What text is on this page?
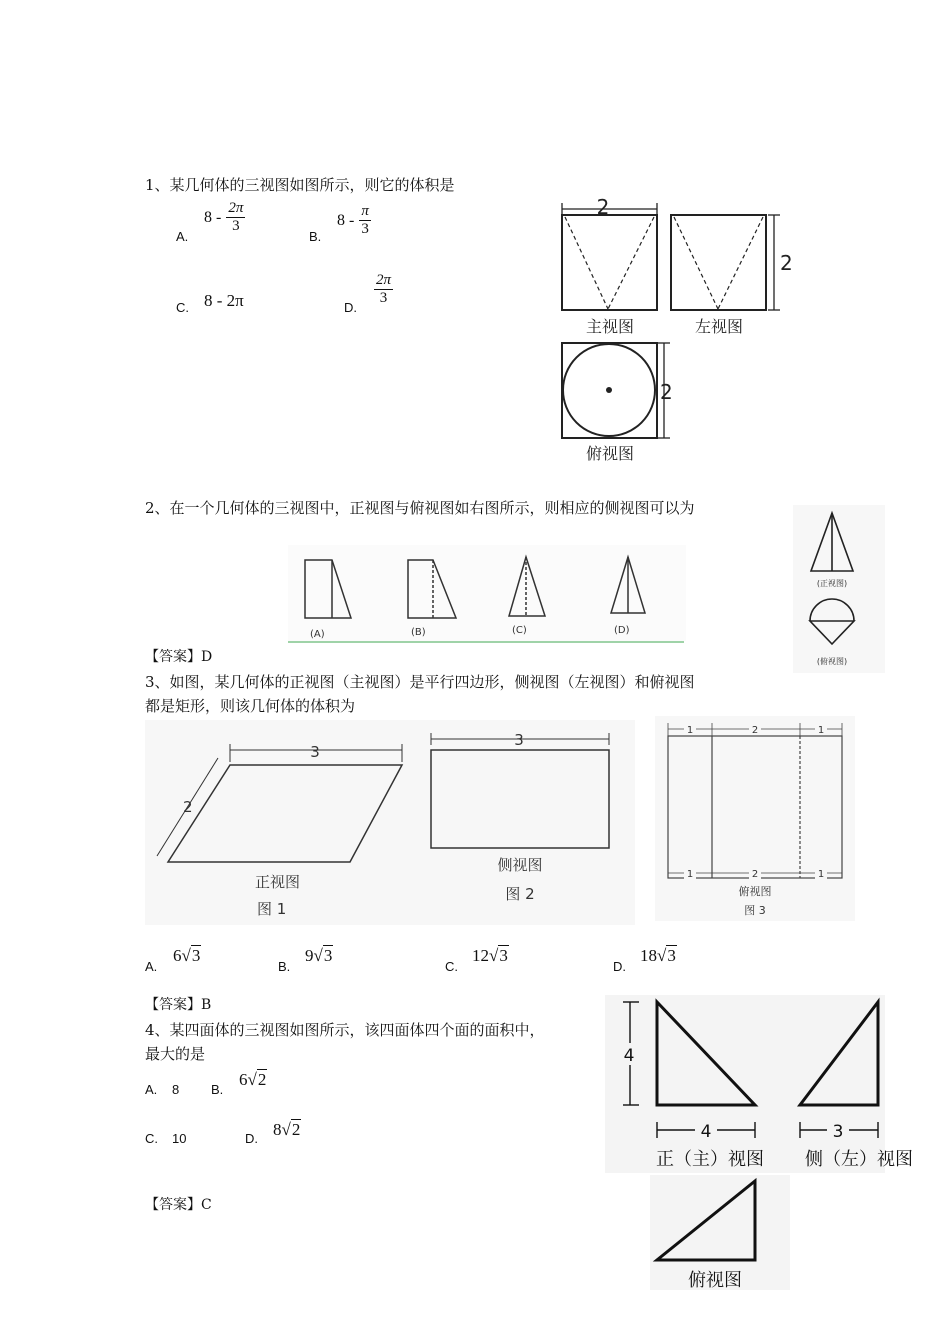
1、某几何体的三视图如图所示，则它的体积是
A.
$8 - \frac{2\pi}{3}$
B.
$8 - \frac{\pi}{3}$
C. 8 - 2π	D.
$\frac{2\pi}{3}$
2
2
2
主视图	左视图
俯视图
2、在一个几何体的三视图中，正视图与俯视图如右图所示，则相应的侧视图可以为
(A)	(B)	(C)	(D)
(正视图)
(俯视图)
【答案】D
3、如图，某几何体的正视图（主视图）是平行四边形，侧视图（左视图）和俯视图
都是矩形，则该几何体的体积为
3
2
正视图
图 1
3
侧视图
图 2
1	2	1
1	2	1
俯视图
图 3
A.
6√3
B.
9√3
C.
12√3
D.
18√3
【答案】B
4、某四面体的三视图如图所示，该四面体四个面的面积中，
最大的是
A. 8 B.
6√2
C. 10	D. 8√2
【答案】C
4
4	3
正（主）视图 侧（左）视图
俯视图
